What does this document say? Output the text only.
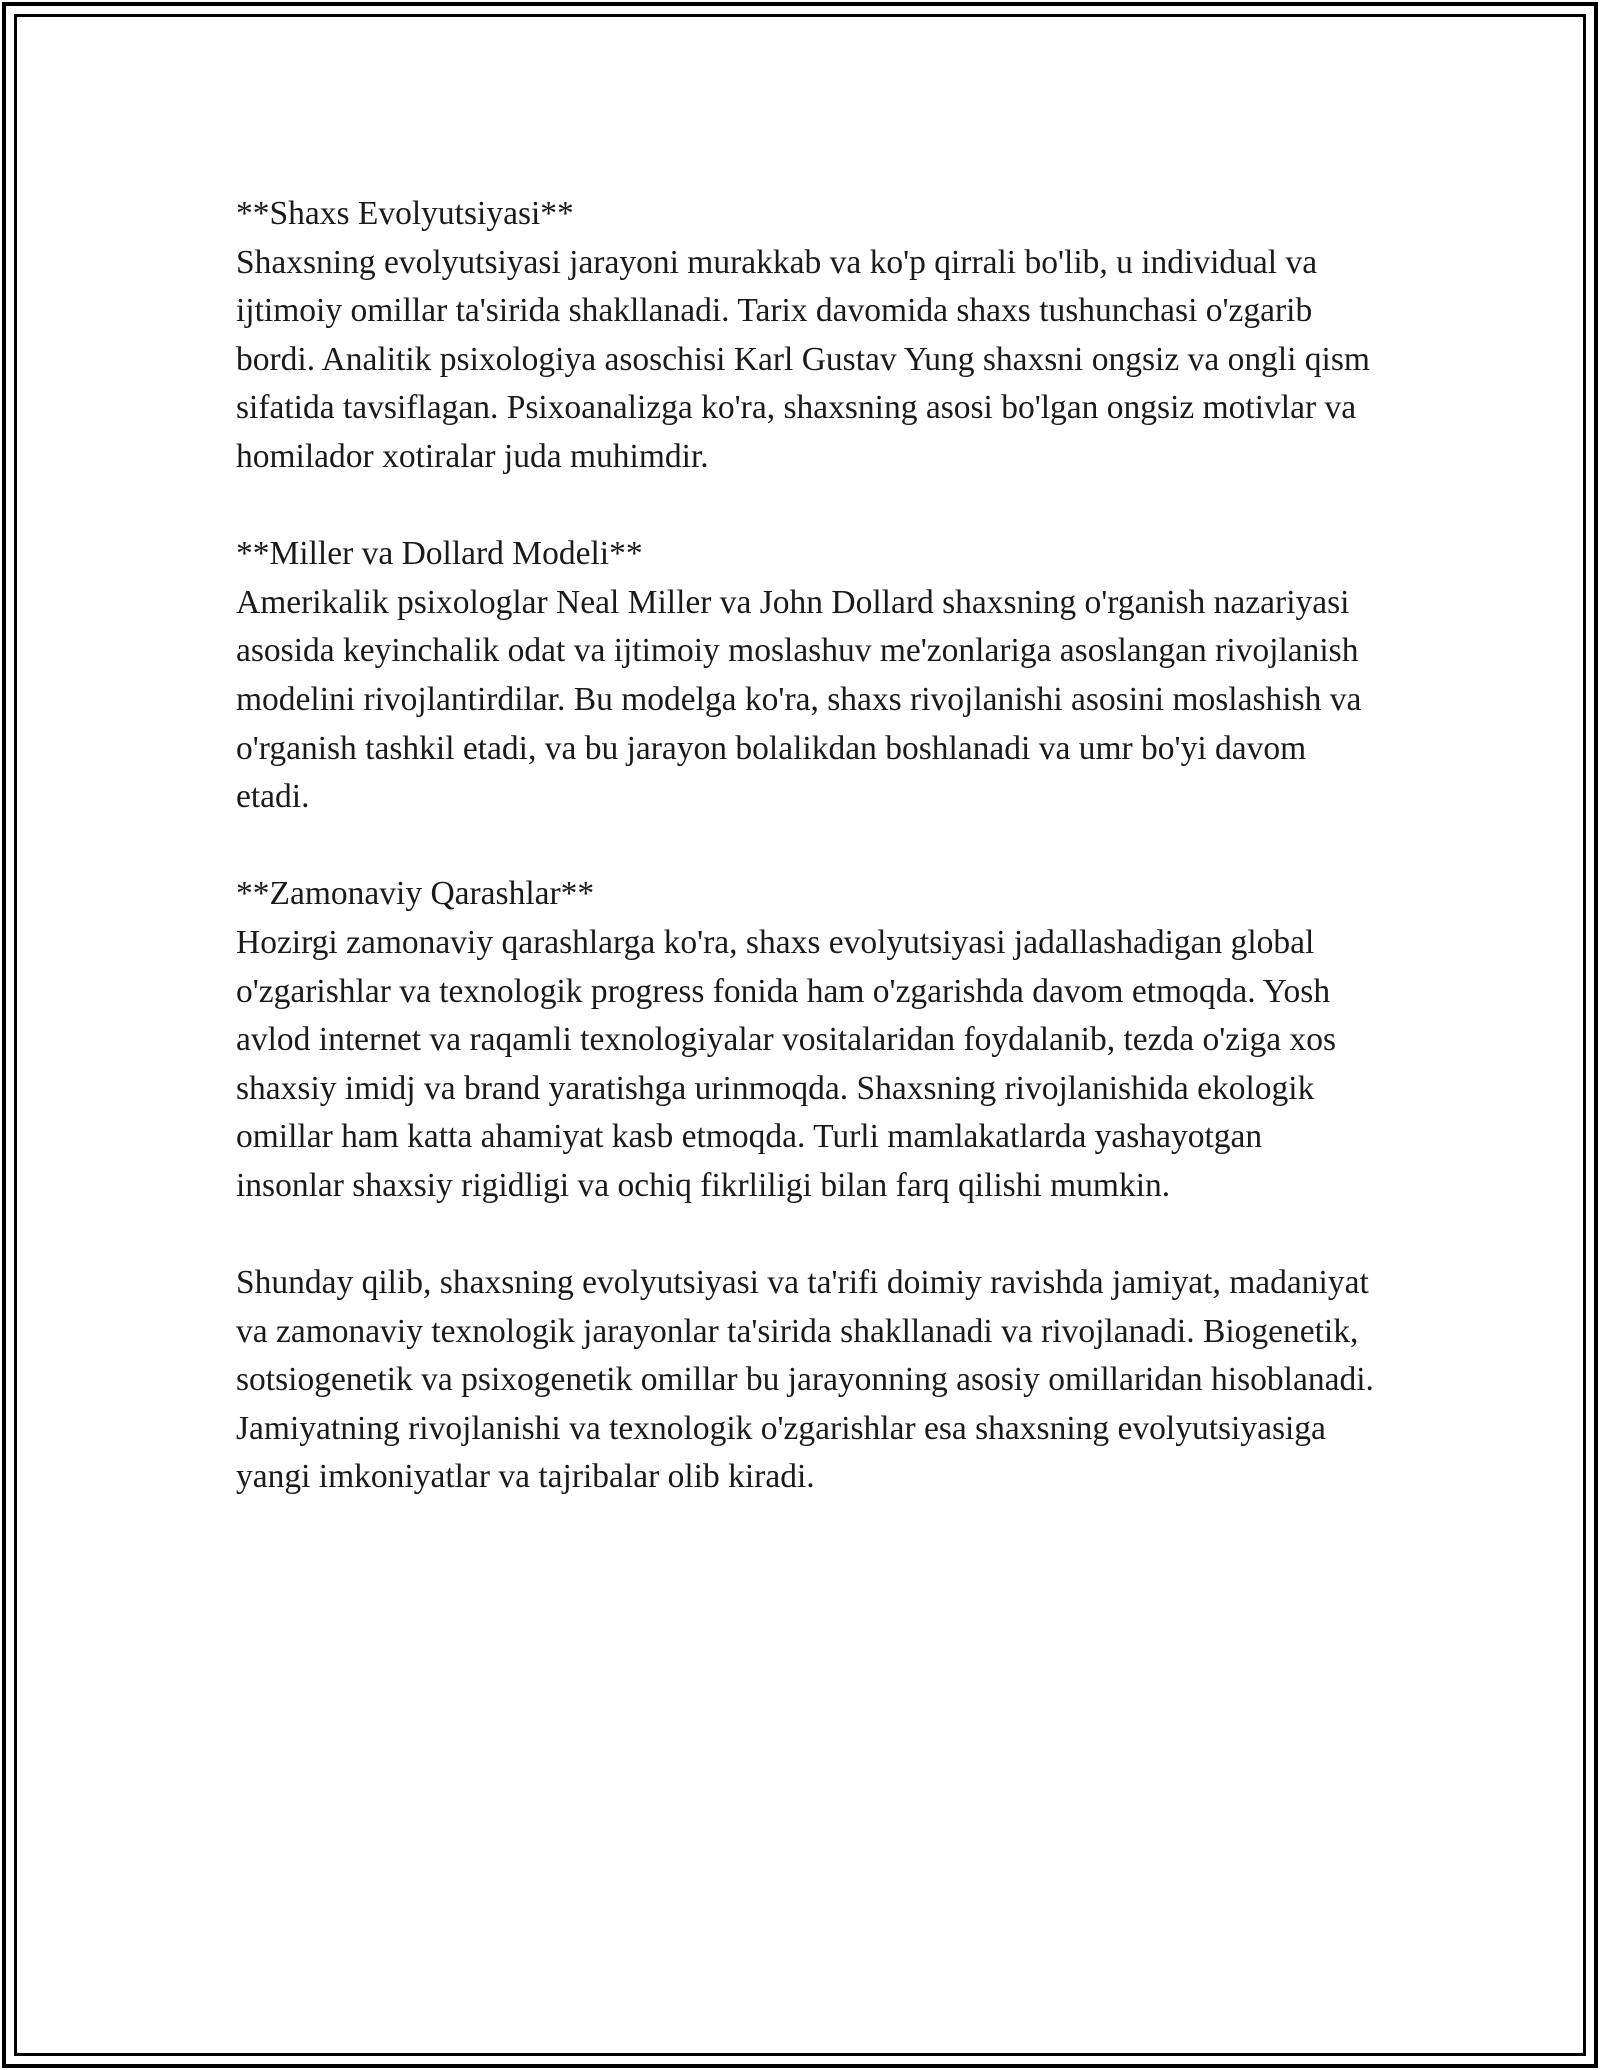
**Shaxs Evolyutsiyasi**

Shaxsning evolyutsiyasi jarayoni murakkab va ko'p qirrali bo'lib, u individual va ijtimoiy omillar ta'sirida shakllanadi. Tarix davomida shaxs tushunchasi o'zgarib bordi. Analitik psixologiya asoschisi Karl Gustav Yung shaxsni ongsiz va ongli qism sifatida tavsiflagan. Psixoanalizga ko'ra, shaxsning asosi bo'lgan ongsiz motivlar va homilador xotiralar juda muhimdir.

**Miller va Dollard Modeli**

Amerikalik psixologlar Neal Miller va John Dollard shaxsning o'rganish nazariyasi asosida keyinchalik odat va ijtimoiy moslashuv me'zonlariga asoslangan rivojlanish modelini rivojlantirdilar. Bu modelga ko'ra, shaxs rivojlanishi asosini moslashish va o'rganish tashkil etadi, va bu jarayon bolalikdan boshlanadi va umr bo'yi davom etadi.

**Zamonaviy Qarashlar**

Hozirgi zamonaviy qarashlarga ko'ra, shaxs evolyutsiyasi jadallashadigan global o'zgarishlar va texnologik progress fonida ham o'zgarishda davom etmoqda. Yosh avlod internet va raqamli texnologiyalar vositalaridan foydalanib, tezda o'ziga xos shaxsiy imidj va brand yaratishga urinmoqda. Shaxsning rivojlanishida ekologik omillar ham katta ahamiyat kasb etmoqda. Turli mamlakatlarda yashayotgan insonlar shaxsiy rigidligi va ochiq fikrliligi bilan farq qilishi mumkin.

Shunday qilib, shaxsning evolyutsiyasi va ta'rifi doimiy ravishda jamiyat, madaniyat va zamonaviy texnologik jarayonlar ta'sirida shakllanadi va rivojlanadi. Biogenetik, sotsiogenetik va psixogenetik omillar bu jarayonning asosiy omillaridan hisoblanadi. Jamiyatning rivojlanishi va texnologik o'zgarishlar esa shaxsning evolyutsiyasiga yangi imkoniyatlar va tajribalar olib kiradi.
